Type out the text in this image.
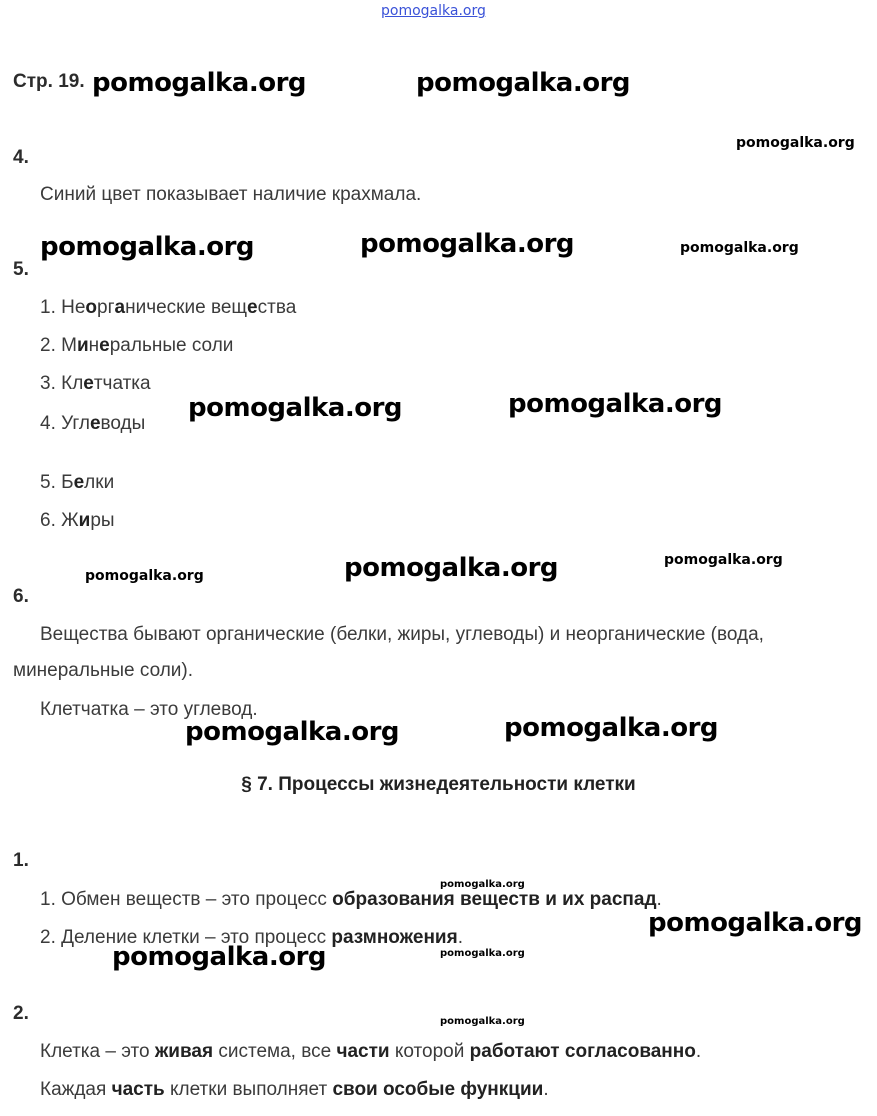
pomogalka.org
Стр. 19.
4.
Синий цвет показывает наличие крахмала.
5.
1. Неорганические вещества
2. Минеральные соли
3. Клетчатка
4. Углеводы
5. Белки
6. Жиры
6.
Вещества бывают органические (белки, жиры, углеводы) и неорганические (вода,
минеральные соли).
Клетчатка – это углевод.
§ 7. Процессы жизнедеятельности клетки
1.
1. Обмен веществ – это процесс образования веществ и их распад.
2. Деление клетки – это процесс размножения.
2.
Клетка – это живая система, все части которой работают согласованно.
Каждая часть клетки выполняет свои особые функции.
pomogalka.org	pomogalka.org
pomogalka.org
pomogalka.org	pomogalka.org	pomogalka.org
pomogalka.org	pomogalka.org
pomogalka.org	pomogalka.org	pomogalka.org
pomogalka.org	pomogalka.org
pomogalka.org
pomogalka.org
pomogalka.org
pomogalka.org
pomogalka.org
